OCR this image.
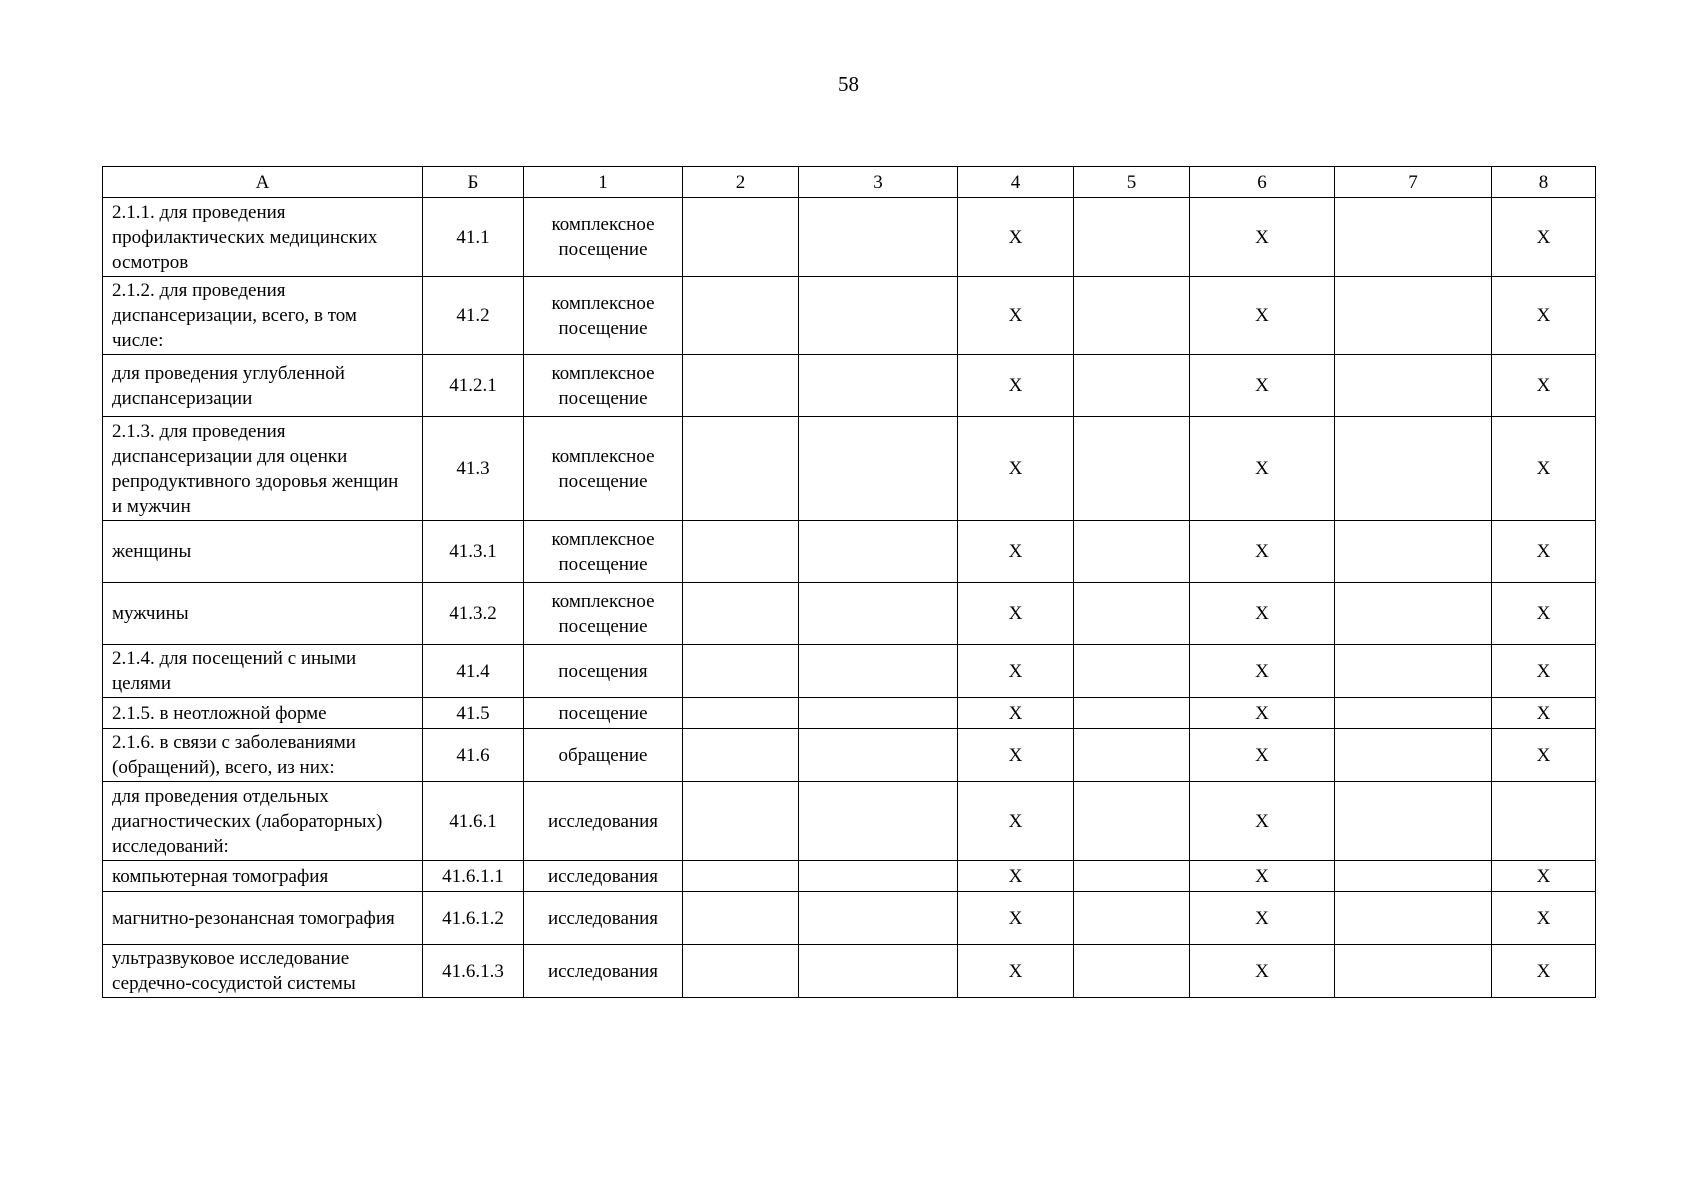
58
А	Б	1	2	3	4	5	6	7	8
2.1.1. для проведения профилактических медицинских осмотров	41.1	комплексное посещение			X		X		X
2.1.2. для проведения диспансеризации, всего, в том числе:	41.2	комплексное посещение			X		X		X
для проведения углубленной диспансеризации	41.2.1	комплексное посещение			X		X		X
2.1.3. для проведения диспансеризации для оценки репродуктивного здоровья женщин и мужчин	41.3	комплексное посещение			X		X		X
женщины	41.3.1	комплексное посещение			X		X		X
мужчины	41.3.2	комплексное посещение			X		X		X
2.1.4. для посещений с иными целями	41.4	посещения			X		X		X
2.1.5. в неотложной форме	41.5	посещение			X		X		X
2.1.6. в связи с заболеваниями (обращений), всего, из них:	41.6	обращение			X		X		X
для проведения отдельных диагностических (лабораторных) исследований:	41.6.1	исследования			X		X		
компьютерная томография	41.6.1.1	исследования			X		X		X
магнитно-резонансная томография	41.6.1.2	исследования			X		X		X
ультразвуковое исследование сердечно-сосудистой системы	41.6.1.3	исследования			X		X		X
